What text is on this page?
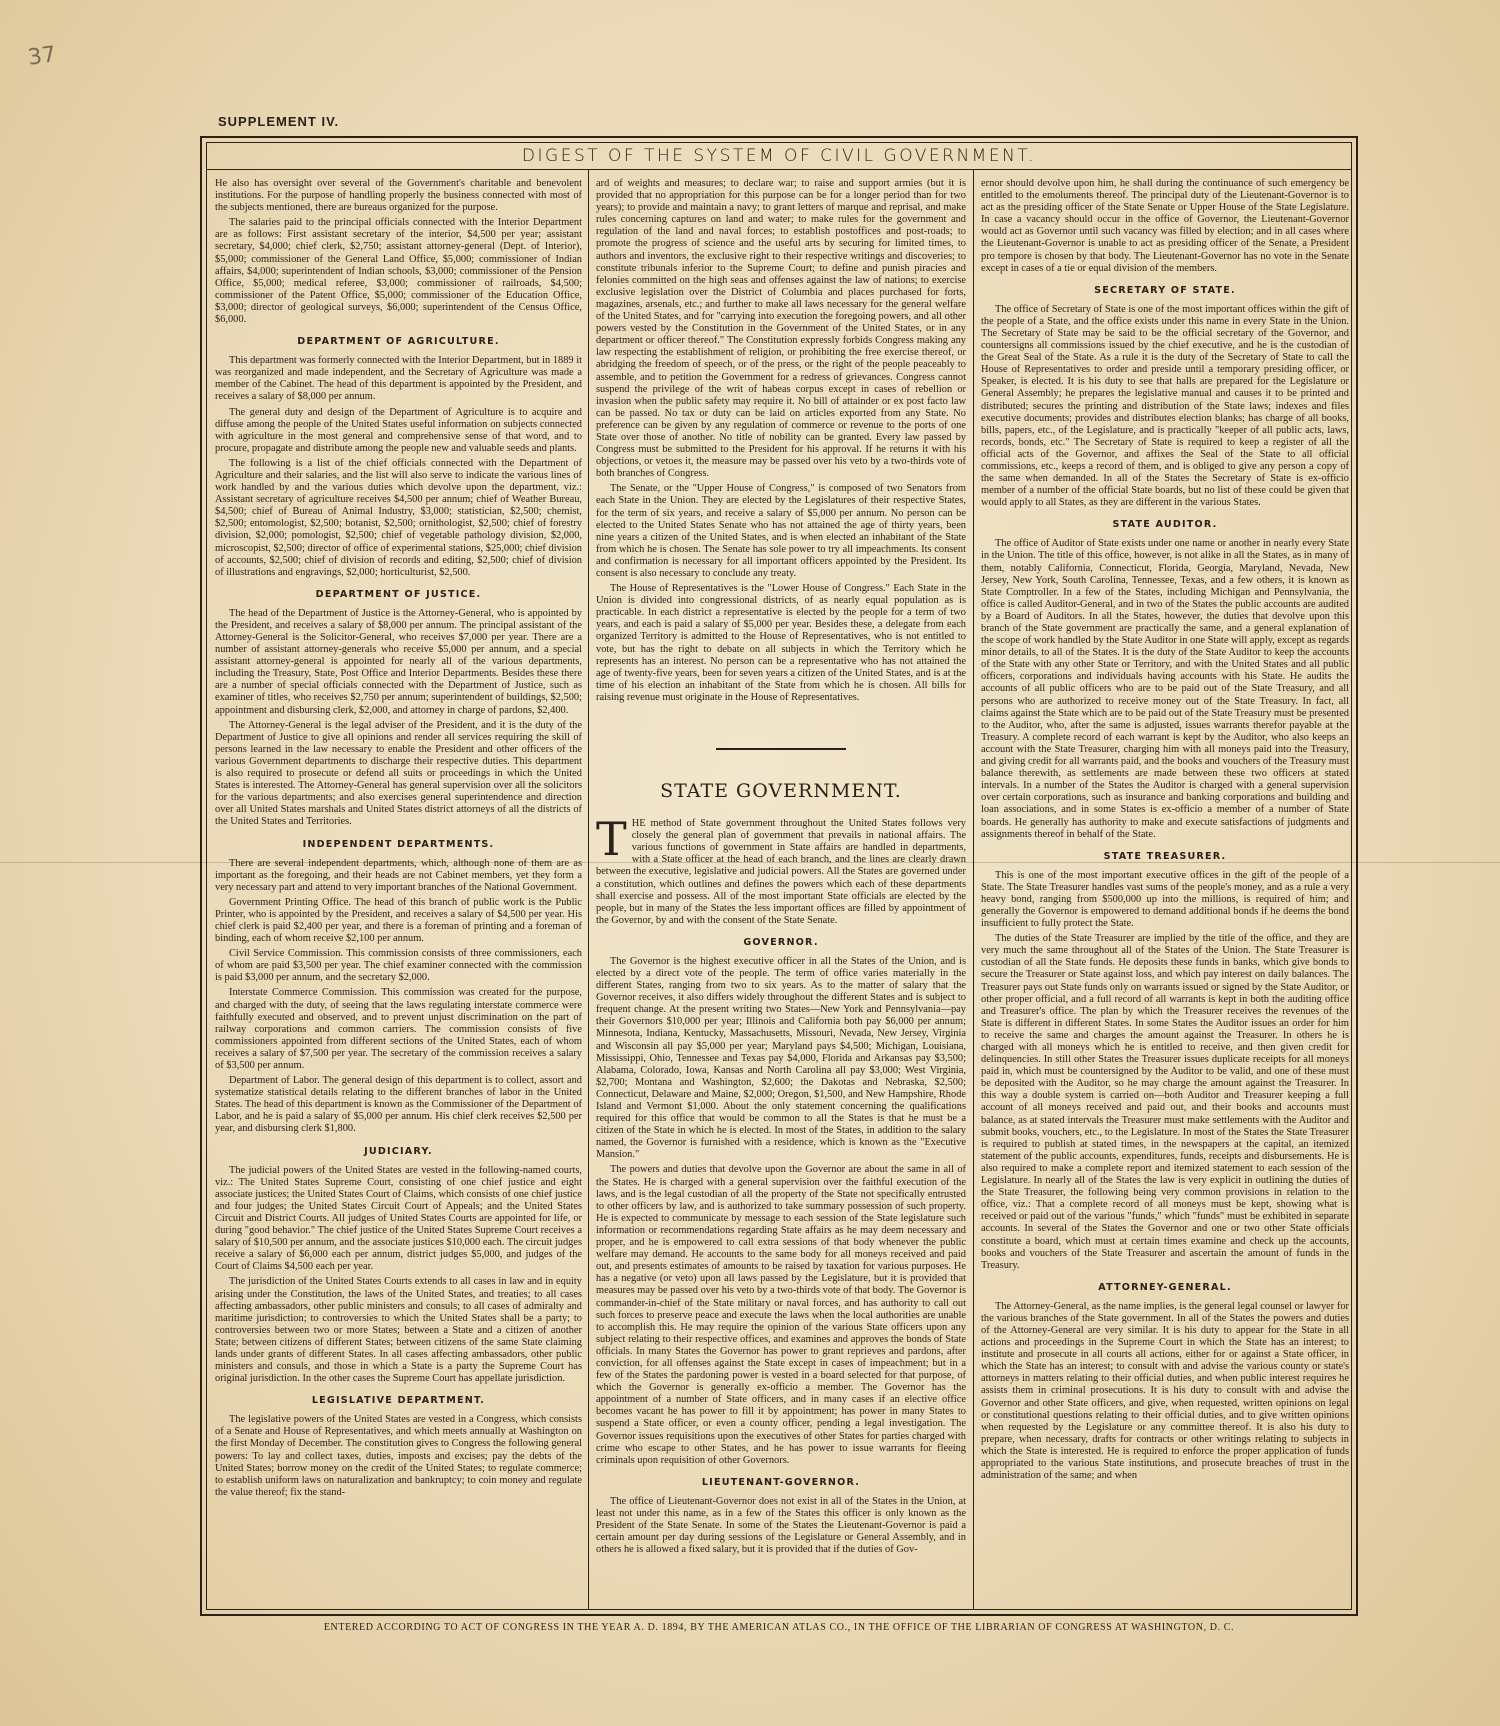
37
SUPPLEMENT IV.
DIGEST OF THE SYSTEM OF CIVIL GOVERNMENT.

He also has oversight over several of the Government's charitable and benevolent institutions. For the purpose of handling properly the business connected with most of the subjects mentioned, there are bureaus organized for the purpose.

The salaries paid to the principal officials connected with the Interior Department are as follows: First assistant secretary of the interior, $4,500 per year; assistant secretary, $4,000; chief clerk, $2,750; assistant attorney-general (Dept. of Interior), $5,000; commissioner of the General Land Office, $5,000; commissioner of Indian affairs, $4,000; superintendent of Indian schools, $3,000; commissioner of the Pension Office, $5,000; medical referee, $3,000; commissioner of railroads, $4,500; commissioner of the Patent Office, $5,000; commissioner of the Education Office, $3,000; director of geological surveys, $6,000; superintendent of the Census Office, $6,000.

DEPARTMENT OF AGRICULTURE.

This department was formerly connected with the Interior Department, but in 1889 it was reorganized and made independent, and the Secretary of Agriculture was made a member of the Cabinet. The head of this department is appointed by the President, and receives a salary of $8,000 per annum.

The general duty and design of the Department of Agriculture is to acquire and diffuse among the people of the United States useful information on subjects connected with agriculture in the most general and comprehensive sense of that word, and to procure, propagate and distribute among the people new and valuable seeds and plants.

The following is a list of the chief officials connected with the Department of Agriculture and their salaries, and the list will also serve to indicate the various lines of work handled by and the various duties which devolve upon the department, viz.: Assistant secretary of agriculture receives $4,500 per annum; chief of Weather Bureau, $4,500; chief of Bureau of Animal Industry, $3,000; statistician, $2,500; chemist, $2,500; entomologist, $2,500; botanist, $2,500; ornithologist, $2,500; chief of forestry division, $2,000; pomologist, $2,500; chief of vegetable pathology division, $2,000, microscopist, $2,500; director of office of experimental stations, $25,000; chief division of accounts, $2,500; chief of division of records and editing, $2,500; chief of division of illustrations and engravings, $2,000; horticulturist, $2,500.

DEPARTMENT OF JUSTICE.

The head of the Department of Justice is the Attorney-General, who is appointed by the President, and receives a salary of $8,000 per annum. The principal assistant of the Attorney-General is the Solicitor-General, who receives $7,000 per year. There are a number of assistant attorney-generals who receive $5,000 per annum, and a special assistant attorney-general is appointed for nearly all of the various departments, including the Treasury, State, Post Office and Interior Departments. Besides these there are a number of special officials connected with the Department of Justice, such as examiner of titles, who receives $2,750 per annum; superintendent of buildings, $2,500; appointment and disbursing clerk, $2,000, and attorney in charge of pardons, $2,400.

The Attorney-General is the legal adviser of the President, and it is the duty of the Department of Justice to give all opinions and render all services requiring the skill of persons learned in the law necessary to enable the President and other officers of the various Government departments to discharge their respective duties. This department is also required to prosecute or defend all suits or proceedings in which the United States is interested. The Attorney-General has general supervision over all the solicitors for the various departments; and also exercises general superintendence and direction over all United States marshals and United States district attorneys of all the districts of the United States and Territories.

INDEPENDENT DEPARTMENTS.

There are several independent departments, which, although none of them are as important as the foregoing, and their heads are not Cabinet members, yet they form a very necessary part and attend to very important branches of the National Government.

Government Printing Office. The head of this branch of public work is the Public Printer, who is appointed by the President, and receives a salary of $4,500 per year. His chief clerk is paid $2,400 per year, and there is a foreman of printing and a foreman of binding, each of whom receive $2,100 per annum.

Civil Service Commission. This commission consists of three commissioners, each of whom are paid $3,500 per year. The chief examiner connected with the commission is paid $3,000 per annum, and the secretary $2,000.

Interstate Commerce Commission. This commission was created for the purpose, and charged with the duty, of seeing that the laws regulating interstate commerce were faithfully executed and observed, and to prevent unjust discrimination on the part of railway corporations and common carriers. The commission consists of five commissioners appointed from different sections of the United States, each of whom receives a salary of $7,500 per year. The secretary of the commission receives a salary of $3,500 per annum.

Department of Labor. The general design of this department is to collect, assort and systematize statistical details relating to the different branches of labor in the United States. The head of this department is known as the Commissioner of the Department of Labor, and he is paid a salary of $5,000 per annum. His chief clerk receives $2,500 per year, and disbursing clerk $1,800.

JUDICIARY.

The judicial powers of the United States are vested in the following-named courts, viz.: The United States Supreme Court, consisting of one chief justice and eight associate justices; the United States Court of Claims, which consists of one chief justice and four judges; the United States Circuit Court of Appeals; and the United States Circuit and District Courts. All judges of United States Courts are appointed for life, or during "good behavior." The chief justice of the United States Supreme Court receives a salary of $10,500 per annum, and the associate justices $10,000 each. The circuit judges receive a salary of $6,000 each per annum, district judges $5,000, and judges of the Court of Claims $4,500 each per year.

The jurisdiction of the United States Courts extends to all cases in law and in equity arising under the Constitution, the laws of the United States, and treaties; to all cases affecting ambassadors, other public ministers and consuls; to all cases of admiralty and maritime jurisdiction; to controversies to which the United States shall be a party; to controversies between two or more States; between a State and a citizen of another State; between citizens of different States; between citizens of the same State claiming lands under grants of different States. In all cases affecting ambassadors, other public ministers and consuls, and those in which a State is a party the Supreme Court has original jurisdiction. In the other cases the Supreme Court has appellate jurisdiction.

LEGISLATIVE DEPARTMENT.

The legislative powers of the United States are vested in a Congress, which consists of a Senate and House of Representatives, and which meets annually at Washington on the first Monday of December. The constitution gives to Congress the following general powers: To lay and collect taxes, duties, imposts and excises; pay the debts of the United States; borrow money on the credit of the United States; to regulate commerce; to establish uniform laws on naturalization and bankruptcy; to coin money and regulate the value thereof; fix the stand-

ard of weights and measures; to declare war; to raise and support armies (but it is provided that no appropriation for this purpose can be for a longer period than for two years); to provide and maintain a navy; to grant letters of marque and reprisal, and make rules concerning captures on land and water; to make rules for the government and regulation of the land and naval forces; to establish postoffices and post-roads; to promote the progress of science and the useful arts by securing for limited times, to authors and inventors, the exclusive right to their respective writings and discoveries; to constitute tribunals inferior to the Supreme Court; to define and punish piracies and felonies committed on the high seas and offenses against the law of nations; to exercise exclusive legislation over the District of Columbia and places purchased for forts, magazines, arsenals, etc.; and further to make all laws necessary for the general welfare of the United States, and for "carrying into execution the foregoing powers, and all other powers vested by the Constitution in the Government of the United States, or in any department or officer thereof." The Constitution expressly forbids Congress making any law respecting the establishment of religion, or prohibiting the free exercise thereof, or abridging the freedom of speech, or of the press, or the right of the people peaceably to assemble, and to petition the Government for a redress of grievances. Congress cannot suspend the privilege of the writ of habeas corpus except in cases of rebellion or invasion when the public safety may require it. No bill of attainder or ex post facto law can be passed. No tax or duty can be laid on articles exported from any State. No preference can be given by any regulation of commerce or revenue to the ports of one State over those of another. No title of nobility can be granted. Every law passed by Congress must be submitted to the President for his approval. If he returns it with his objections, or vetoes it, the measure may be passed over his veto by a two-thirds vote of both branches of Congress.

The Senate, or the "Upper House of Congress," is composed of two Senators from each State in the Union. They are elected by the Legislatures of their respective States, for the term of six years, and receive a salary of $5,000 per annum. No person can be elected to the United States Senate who has not attained the age of thirty years, been nine years a citizen of the United States, and is when elected an inhabitant of the State from which he is chosen. The Senate has sole power to try all impeachments. Its consent and confirmation is necessary for all important officers appointed by the President. Its consent is also necessary to conclude any treaty.

The House of Representatives is the "Lower House of Congress." Each State in the Union is divided into congressional districts, of as nearly equal population as is practicable. In each district a representative is elected by the people for a term of two years, and each is paid a salary of $5,000 per year. Besides these, a delegate from each organized Territory is admitted to the House of Representatives, who is not entitled to vote, but has the right to debate on all subjects in which the Territory which he represents has an interest. No person can be a representative who has not attained the age of twenty-five years, been for seven years a citizen of the United States, and is at the time of his election an inhabitant of the State from which he is chosen. All bills for raising revenue must originate in the House of Representatives.

STATE GOVERNMENT.

THE method of State government throughout the United States follows very closely the general plan of government that prevails in national affairs. The various functions of government in State affairs are handled in departments, with a State officer at the head of each branch, and the lines are clearly drawn between the executive, legislative and judicial powers. All the States are governed under a constitution, which outlines and defines the powers which each of these departments shall exercise and possess. All of the most important State officials are elected by the people, but in many of the States the less important offices are filled by appointment of the Governor, by and with the consent of the State Senate.

GOVERNOR.

The Governor is the highest executive officer in all the States of the Union, and is elected by a direct vote of the people. The term of office varies materially in the different States, ranging from two to six years. As to the matter of salary that the Governor receives, it also differs widely throughout the different States and is subject to frequent change. At the present writing two States—New York and Pennsylvania—pay their Governors $10,000 per year; Illinois and California both pay $6,000 per annum; Minnesota, Indiana, Kentucky, Massachusetts, Missouri, Nevada, New Jersey, Virginia and Wisconsin all pay $5,000 per year; Maryland pays $4,500; Michigan, Louisiana, Mississippi, Ohio, Tennessee and Texas pay $4,000, Florida and Arkansas pay $3,500; Alabama, Colorado, Iowa, Kansas and North Carolina all pay $3,000; West Virginia, $2,700; Montana and Washington, $2,600; the Dakotas and Nebraska, $2,500; Connecticut, Delaware and Maine, $2,000; Oregon, $1,500, and New Hampshire, Rhode Island and Vermont $1,000. About the only statement concerning the qualifications required for this office that would be common to all the States is that he must be a citizen of the State in which he is elected. In most of the States, in addition to the salary named, the Governor is furnished with a residence, which is known as the "Executive Mansion."

The powers and duties that devolve upon the Governor are about the same in all of the States. He is charged with a general supervision over the faithful execution of the laws, and is the legal custodian of all the property of the State not specifically entrusted to other officers by law, and is authorized to take summary possession of such property. He is expected to communicate by message to each session of the State legislature such information or recommendations regarding State affairs as he may deem necessary and proper, and he is empowered to call extra sessions of that body whenever the public welfare may demand. He accounts to the same body for all moneys received and paid out, and presents estimates of amounts to be raised by taxation for various purposes. He has a negative (or veto) upon all laws passed by the Legislature, but it is provided that measures may be passed over his veto by a two-thirds vote of that body. The Governor is commander-in-chief of the State military or naval forces, and has authority to call out such forces to preserve peace and execute the laws when the local authorities are unable to accomplish this. He may require the opinion of the various State officers upon any subject relating to their respective offices, and examines and approves the bonds of State officials. In many States the Governor has power to grant reprieves and pardons, after conviction, for all offenses against the State except in cases of impeachment; but in a few of the States the pardoning power is vested in a board selected for that purpose, of which the Governor is generally ex-officio a member. The Governor has the appointment of a number of State officers, and in many cases if an elective office becomes vacant he has power to fill it by appointment; has power in many States to suspend a State officer, or even a county officer, pending a legal investigation. The Governor issues requisitions upon the executives of other States for parties charged with crime who escape to other States, and he has power to issue warrants for fleeing criminals upon requisition of other Governors.

LIEUTENANT-GOVERNOR.

The office of Lieutenant-Governor does not exist in all of the States in the Union, at least not under this name, as in a few of the States this officer is only known as the President of the State Senate. In some of the States the Lieutenant-Governor is paid a certain amount per day during sessions of the Legislature or General Assembly, and in others he is allowed a fixed salary, but it is provided that if the duties of Gov-

ernor should devolve upon him, he shall during the continuance of such emergency be entitled to the emoluments thereof. The principal duty of the Lieutenant-Governor is to act as the presiding officer of the State Senate or Upper House of the State Legislature. In case a vacancy should occur in the office of Governor, the Lieutenant-Governor would act as Governor until such vacancy was filled by election; and in all cases where the Lieutenant-Governor is unable to act as presiding officer of the Senate, a President pro tempore is chosen by that body. The Lieutenant-Governor has no vote in the Senate except in cases of a tie or equal division of the members.

SECRETARY OF STATE.

The office of Secretary of State is one of the most important offices within the gift of the people of a State, and the office exists under this name in every State in the Union. The Secretary of State may be said to be the official secretary of the Governor, and countersigns all commissions issued by the chief executive, and he is the custodian of the Great Seal of the State. As a rule it is the duty of the Secretary of State to call the House of Representatives to order and preside until a temporary presiding officer, or Speaker, is elected. It is his duty to see that halls are prepared for the Legislature or General Assembly; he prepares the legislative manual and causes it to be printed and distributed; secures the printing and distribution of the State laws; indexes and files executive documents; provides and distributes election blanks; has charge of all books, bills, papers, etc., of the Legislature, and is practically "keeper of all public acts, laws, records, bonds, etc." The Secretary of State is required to keep a register of all the official acts of the Governor, and affixes the Seal of the State to all official commissions, etc., keeps a record of them, and is obliged to give any person a copy of the same when demanded. In all of the States the Secretary of State is ex-officio member of a number of the official State boards, but no list of these could be given that would apply to all States, as they are different in the various States.

STATE AUDITOR.

The office of Auditor of State exists under one name or another in nearly every State in the Union. The title of this office, however, is not alike in all the States, as in many of them, notably California, Connecticut, Florida, Georgia, Maryland, Nevada, New Jersey, New York, South Carolina, Tennessee, Texas, and a few others, it is known as State Comptroller. In a few of the States, including Michigan and Pennsylvania, the office is called Auditor-General, and in two of the States the public accounts are audited by a Board of Auditors. In all the States, however, the duties that devolve upon this branch of the State government are practically the same, and a general explanation of the scope of work handled by the State Auditor in one State will apply, except as regards minor details, to all of the States. It is the duty of the State Auditor to keep the accounts of the State with any other State or Territory, and with the United States and all public officers, corporations and individuals having accounts with his State. He audits the accounts of all public officers who are to be paid out of the State Treasury, and all persons who are authorized to receive money out of the State Treasury. In fact, all claims against the State which are to be paid out of the State Treasury must be presented to the Auditor, who, after the same is adjusted, issues warrants therefor payable at the Treasury. A complete record of each warrant is kept by the Auditor, who also keeps an account with the State Treasurer, charging him with all moneys paid into the Treasury, and giving credit for all warrants paid, and the books and vouchers of the Treasury must balance therewith, as settlements are made between these two officers at stated intervals. In a number of the States the Auditor is charged with a general supervision over certain corporations, such as insurance and banking corporations and building and loan associations, and in some States is ex-officio a member of a number of State boards. He generally has authority to make and execute satisfactions of judgments and assignments thereof in behalf of the State.

STATE TREASURER.

This is one of the most important executive offices in the gift of the people of a State. The State Treasurer handles vast sums of the people's money, and as a rule a very heavy bond, ranging from $500,000 up into the millions, is required of him; and generally the Governor is empowered to demand additional bonds if he deems the bond insufficient to fully protect the State.

The duties of the State Treasurer are implied by the title of the office, and they are very much the same throughout all of the States of the Union. The State Treasurer is custodian of all the State funds. He deposits these funds in banks, which give bonds to secure the Treasurer or State against loss, and which pay interest on daily balances. The Treasurer pays out State funds only on warrants issued or signed by the State Auditor, or other proper official, and a full record of all warrants is kept in both the auditing office and Treasurer's office. The plan by which the Treasurer receives the revenues of the State is different in different States. In some States the Auditor issues an order for him to receive the same and charges the amount against the Treasurer. In others he is charged with all moneys which he is entitled to receive, and then given credit for delinquencies. In still other States the Treasurer issues duplicate receipts for all moneys paid in, which must be countersigned by the Auditor to be valid, and one of these must be deposited with the Auditor, so he may charge the amount against the Treasurer. In this way a double system is carried on—both Auditor and Treasurer keeping a full account of all moneys received and paid out, and their books and accounts must balance, as at stated intervals the Treasurer must make settlements with the Auditor and submit books, vouchers, etc., to the Legislature. In most of the States the State Treasurer is required to publish at stated times, in the newspapers at the capital, an itemized statement of the public accounts, expenditures, funds, receipts and disbursements. He is also required to make a complete report and itemized statement to each session of the Legislature. In nearly all of the States the law is very explicit in outlining the duties of the State Treasurer, the following being very common provisions in relation to the office, viz.: That a complete record of all moneys must be kept, showing what is received or paid out of the various "funds," which "funds" must be exhibited in separate accounts. In several of the States the Governor and one or two other State officials constitute a board, which must at certain times examine and check up the accounts, books and vouchers of the State Treasurer and ascertain the amount of funds in the Treasury.

ATTORNEY-GENERAL.

The Attorney-General, as the name implies, is the general legal counsel or lawyer for the various branches of the State government. In all of the States the powers and duties of the Attorney-General are very similar. It is his duty to appear for the State in all actions and proceedings in the Supreme Court in which the State has an interest; to institute and prosecute in all courts all actions, either for or against a State officer, in which the State has an interest; to consult with and advise the various county or state's attorneys in matters relating to their official duties, and when public interest requires he assists them in criminal prosecutions. It is his duty to consult with and advise the Governor and other State officers, and give, when requested, written opinions on legal or constitutional questions relating to their official duties, and to give written opinions when requested by the Legislature or any committee thereof. It is also his duty to prepare, when necessary, drafts for contracts or other writings relating to subjects in which the State is interested. He is required to enforce the proper application of funds appropriated to the various State institutions, and prosecute breaches of trust in the administration of the same; and when

ENTERED ACCORDING TO ACT OF CONGRESS IN THE YEAR A. D. 1894, BY THE AMERICAN ATLAS CO., IN THE OFFICE OF THE LIBRARIAN OF CONGRESS AT WASHINGTON, D. C.
